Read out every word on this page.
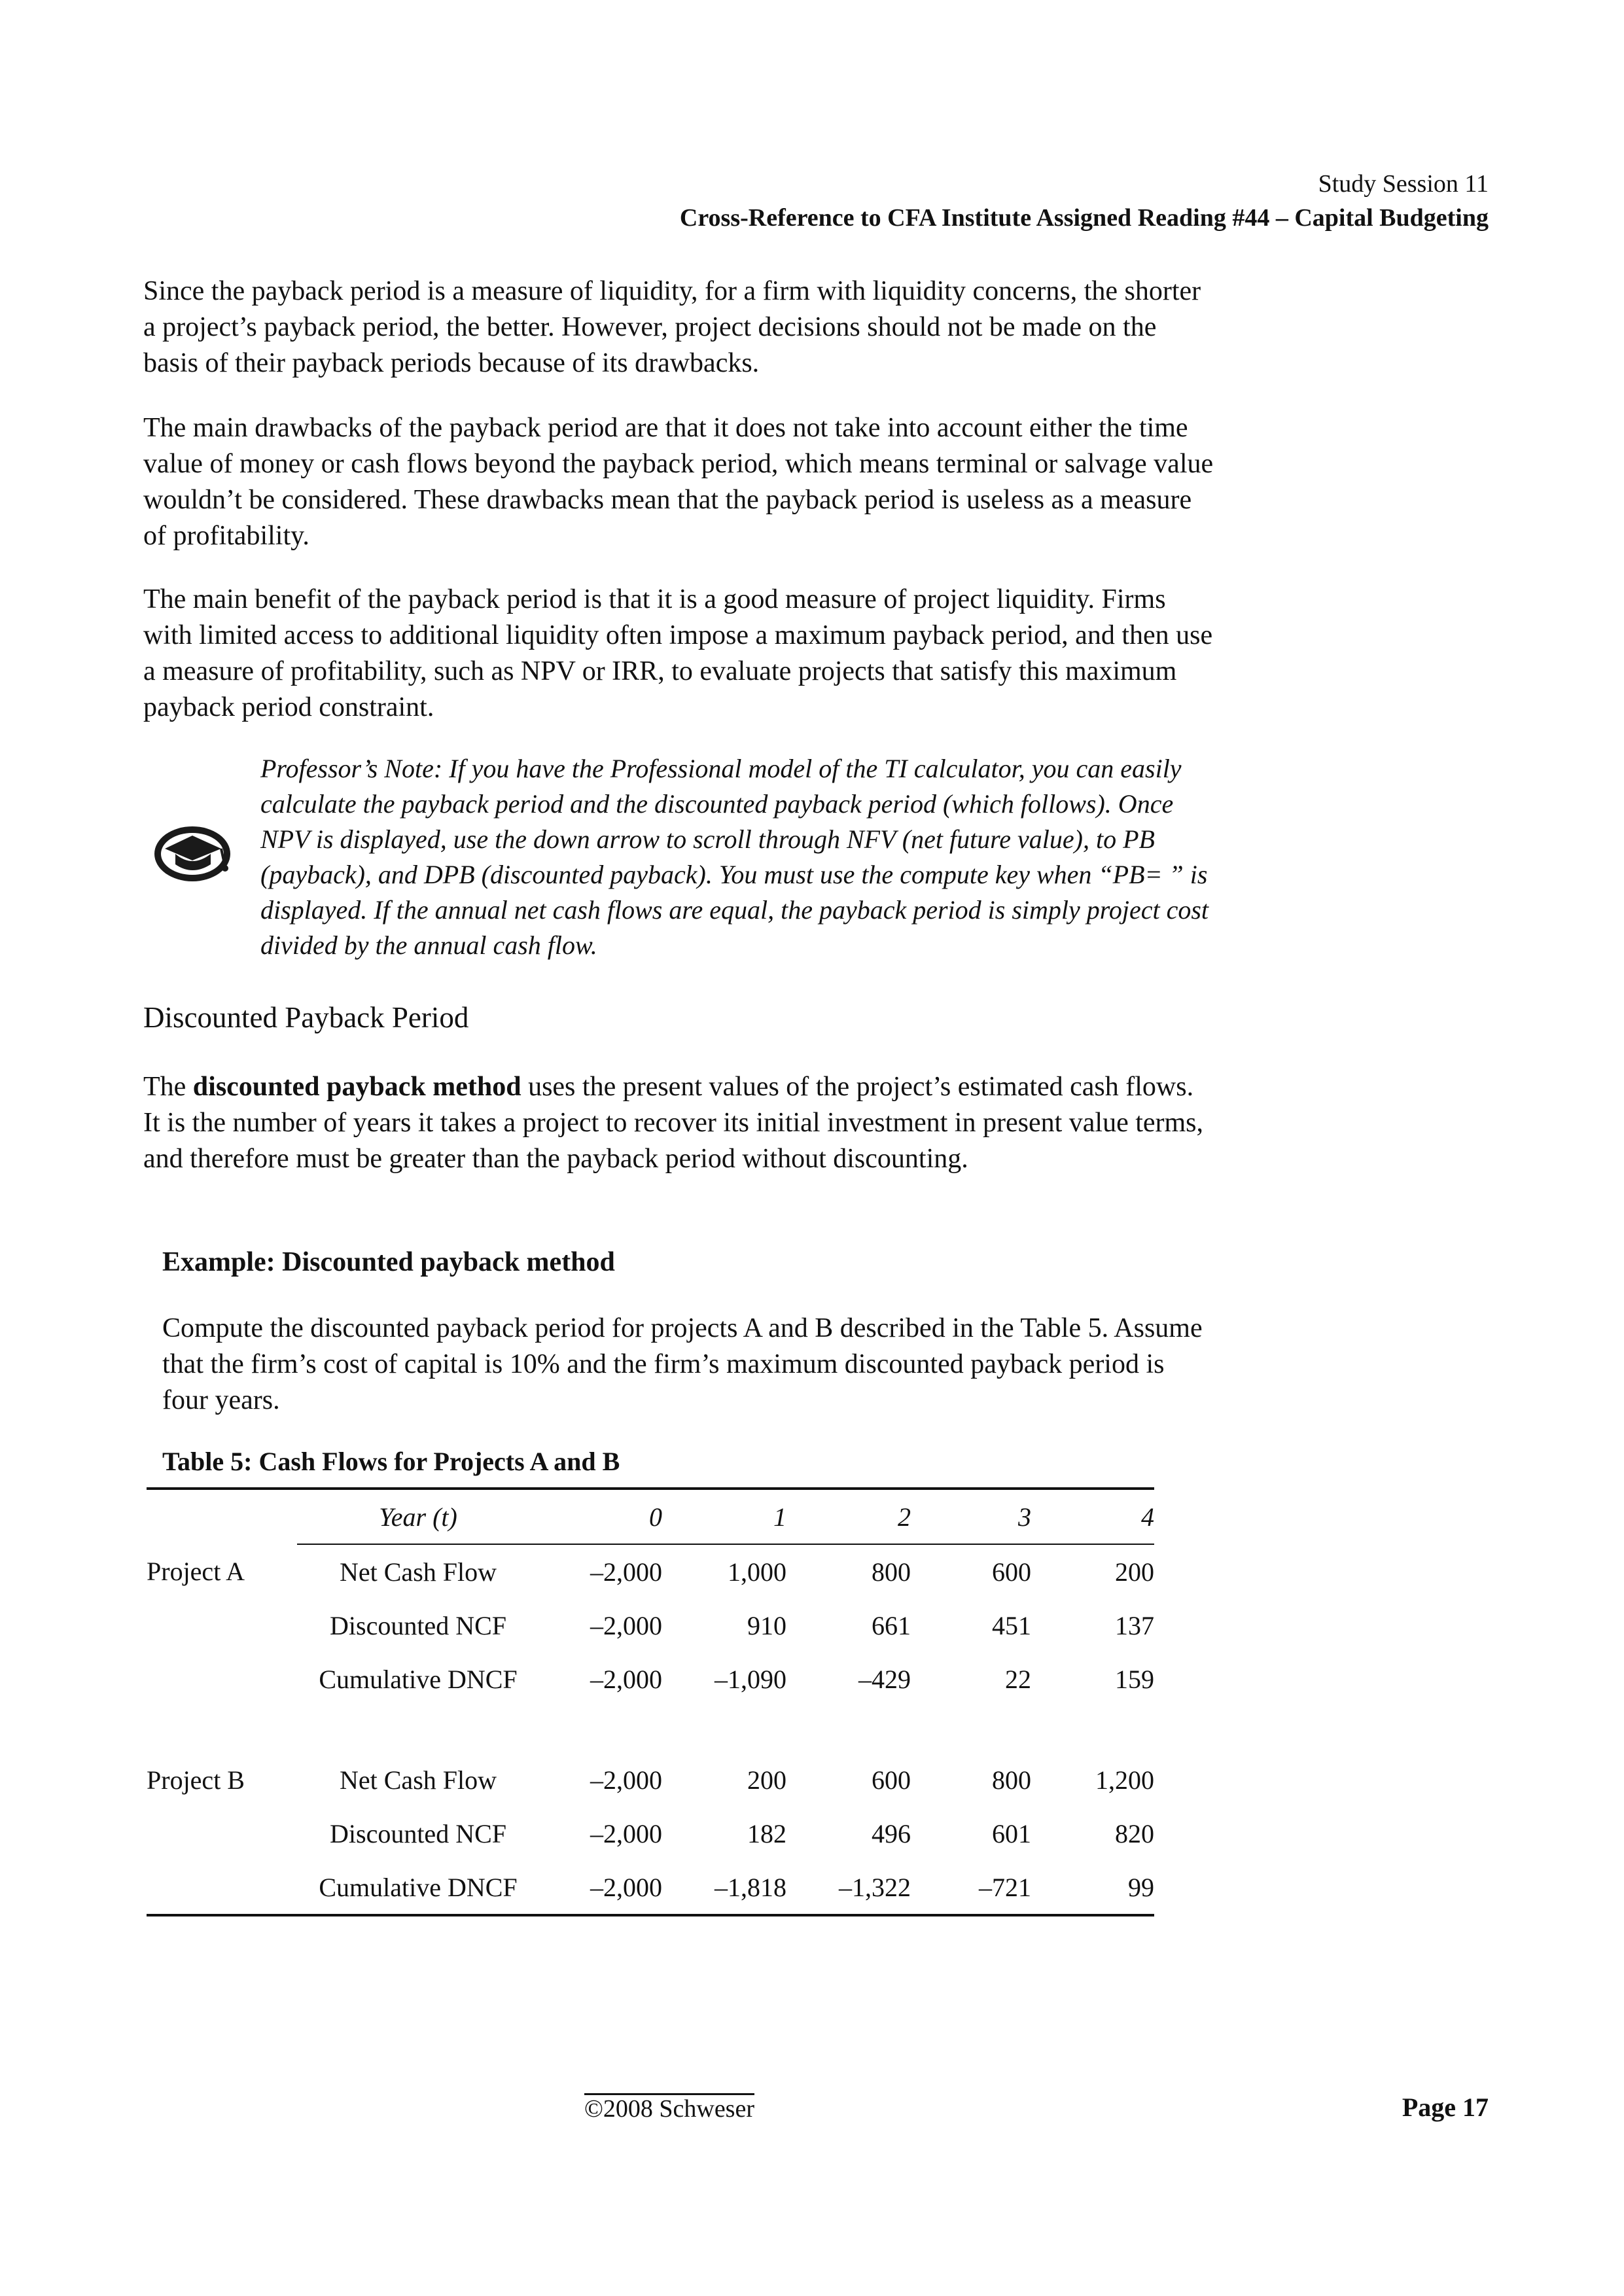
Study Session 11
Cross-Reference to CFA Institute Assigned Reading #44 – Capital Budgeting
Since the payback period is a measure of liquidity, for a firm with liquidity concerns, the shorter a project’s payback period, the better. However, project decisions should not be made on the basis of their payback periods because of its drawbacks.
The main drawbacks of the payback period are that it does not take into account either the time value of money or cash flows beyond the payback period, which means terminal or salvage value wouldn’t be considered. These drawbacks mean that the payback period is useless as a measure of profitability.
The main benefit of the payback period is that it is a good measure of project liquidity. Firms with limited access to additional liquidity often impose a maximum payback period, and then use a measure of profitability, such as NPV or IRR, to evaluate projects that satisfy this maximum payback period constraint.
Professor’s Note: If you have the Professional model of the TI calculator, you can easily calculate the payback period and the discounted payback period (which follows). Once NPV is displayed, use the down arrow to scroll through NFV (net future value), to PB (payback), and DPB (discounted payback). You must use the compute key when “PB= ” is displayed. If the annual net cash flows are equal, the payback period is simply project cost divided by the annual cash flow.
Discounted Payback Period
The discounted payback method uses the present values of the project’s estimated cash flows. It is the number of years it takes a project to recover its initial investment in present value terms, and therefore must be greater than the payback period without discounting.
Example: Discounted payback method
Compute the discounted payback period for projects A and B described in the Table 5. Assume that the firm’s cost of capital is 10% and the firm’s maximum discounted payback period is four years.
Table 5: Cash Flows for Projects A and B
	Year (t)	0	1	2	3	4
Project A	Net Cash Flow	–2,000	1,000	800	600	200
	Discounted NCF	–2,000	910	661	451	137
	Cumulative DNCF	–2,000	–1,090	–429	22	159

Project B	Net Cash Flow	–2,000	200	600	800	1,200
	Discounted NCF	–2,000	182	496	601	820
	Cumulative DNCF	–2,000	–1,818	–1,322	–721	99
©2008 Schweser	Page 17
